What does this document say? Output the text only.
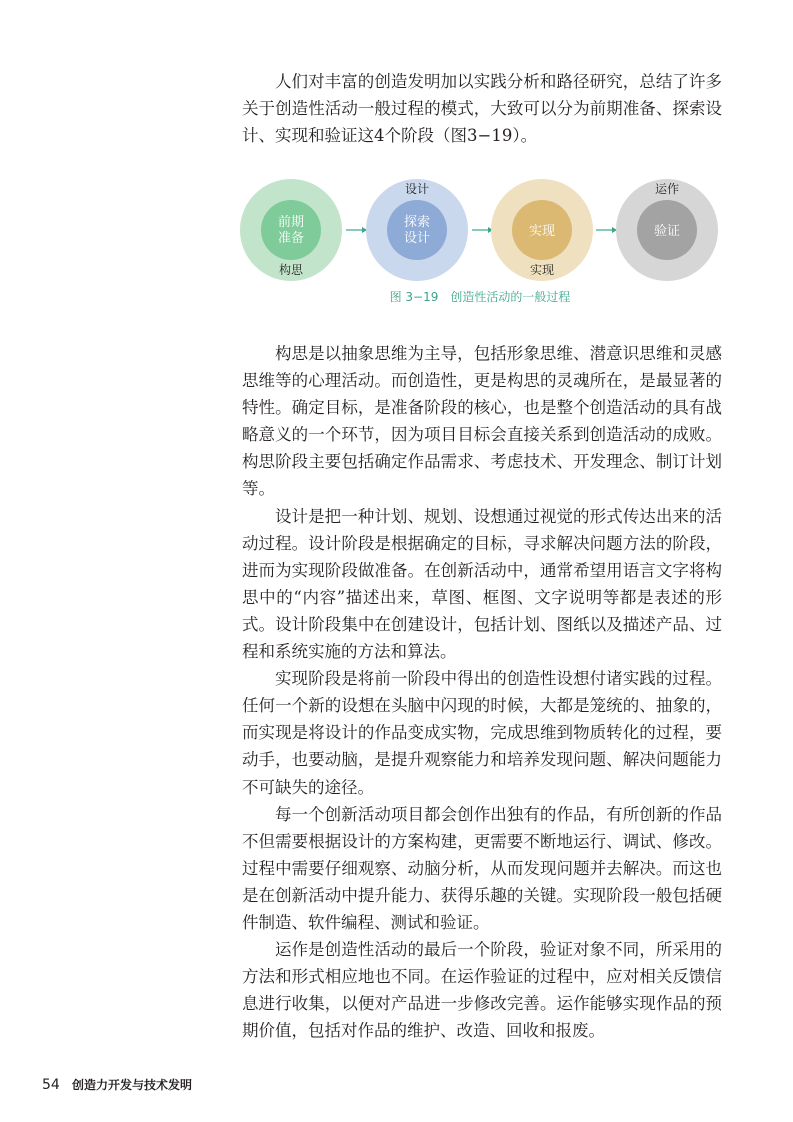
人们对丰富的创造发明加以实践分析和路径研究，总结了许多关于创造性活动一般过程的模式，大致可以分为前期准备、探索设计、实现和验证这4个阶段（图3−19）。

前期
准备
构思
探索
设计
设计
实现
实现
验证
运作
图 3−19　创造性活动的一般过程

构思是以抽象思维为主导，包括形象思维、潜意识思维和灵感思维等的心理活动。而创造性，更是构思的灵魂所在，是最显著的特性。确定目标，是准备阶段的核心，也是整个创造活动的具有战略意义的一个环节，因为项目目标会直接关系到创造活动的成败。构思阶段主要包括确定作品需求、考虑技术、开发理念、制订计划等。

设计是把一种计划、规划、设想通过视觉的形式传达出来的活动过程。设计阶段是根据确定的目标，寻求解决问题方法的阶段，进而为实现阶段做准备。在创新活动中，通常希望用语言文字将构思中的“内容”描述出来，草图、框图、文字说明等都是表述的形式。设计阶段集中在创建设计，包括计划、图纸以及描述产品、过程和系统实施的方法和算法。

实现阶段是将前一阶段中得出的创造性设想付诸实践的过程。任何一个新的设想在头脑中闪现的时候，大都是笼统的、抽象的，而实现是将设计的作品变成实物，完成思维到物质转化的过程，要动手，也要动脑，是提升观察能力和培养发现问题、解决问题能力不可缺失的途径。

每一个创新活动项目都会创作出独有的作品，有所创新的作品不但需要根据设计的方案构建，更需要不断地运行、调试、修改。过程中需要仔细观察、动脑分析，从而发现问题并去解决。而这也是在创新活动中提升能力、获得乐趣的关键。实现阶段一般包括硬件制造、软件编程、测试和验证。

运作是创造性活动的最后一个阶段，验证对象不同，所采用的方法和形式相应地也不同。在运作验证的过程中，应对相关反馈信息进行收集，以便对产品进一步修改完善。运作能够实现作品的预期价值，包括对作品的维护、改造、回收和报废。

54 创造力开发与技术发明
